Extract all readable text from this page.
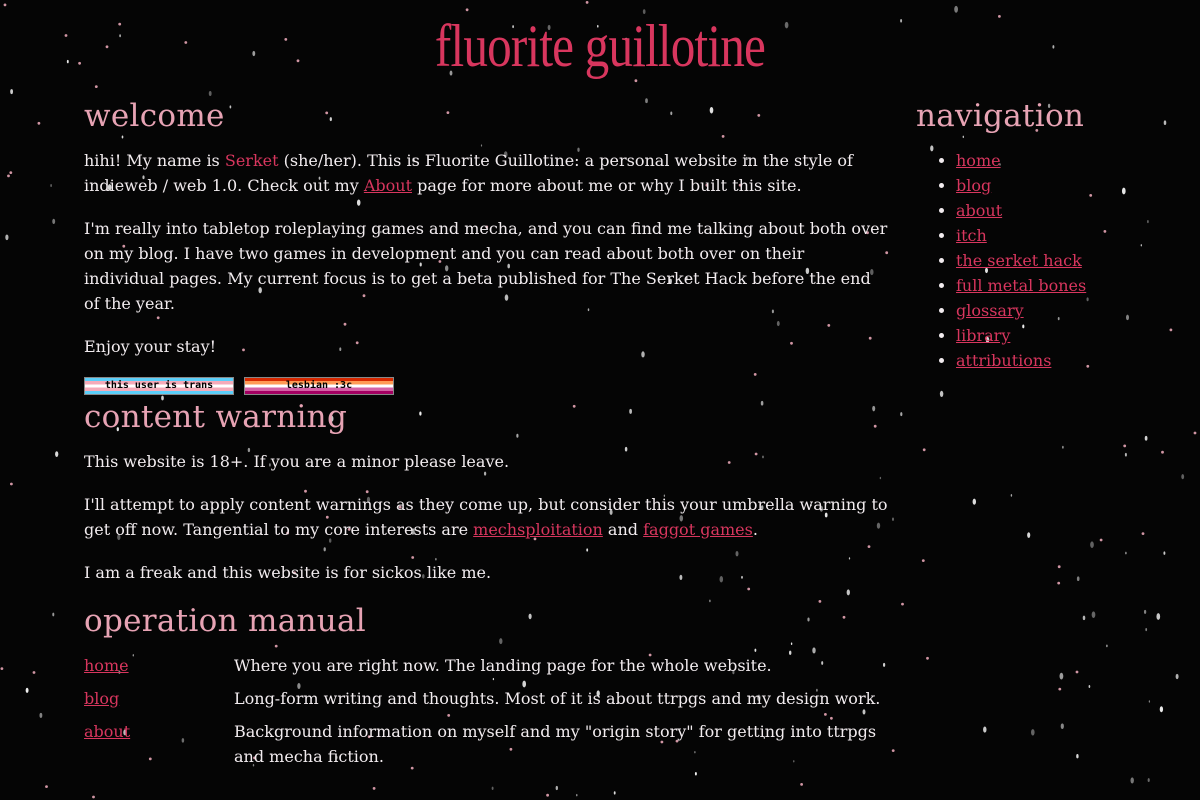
fluorite guillotine
welcome

hihi! My name is Serket (she/her). This is Fluorite Guillotine: a personal website in the style of indieweb / web 1.0. Check out my About page for more about me or why I built this site.

I'm really into tabletop roleplaying games and mecha, and you can find me talking about both over on my blog. I have two games in development and you can read about both over on their individual pages. My current focus is to get a beta published for The Serket Hack before the end of the year.

Enjoy your stay!

this user is trans	lesbian :3c
content warning

This website is 18+. If you are a minor please leave.

I'll attempt to apply content warnings as they come up, but consider this your umbrella warning to get off now. Tangential to my core interests are mechsploitation and faggot games.

I am a freak and this website is for sickos like me.

operation manual
home	Where you are right now. The landing page for the whole website.
blog	Long-form writing and thoughts. Most of it is about ttrpgs and my design work.
about	Background information on myself and my "origin story" for getting into ttrpgs and mecha fiction.
navigation
• home
• blog
• about
• itch
• the serket hack
• full metal bones
• glossary
• library
• attributions
